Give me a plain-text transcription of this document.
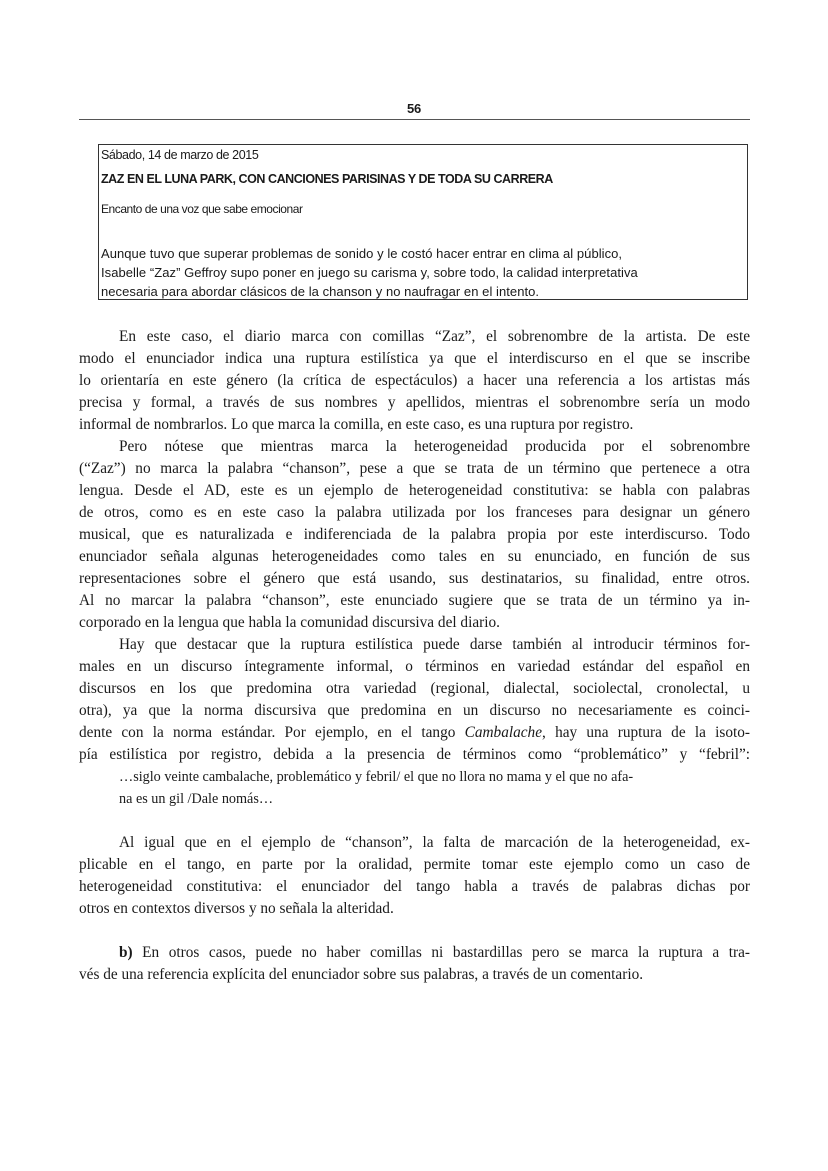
56
Sábado, 14 de marzo de 2015
ZAZ EN EL LUNA PARK, CON CANCIONES PARISINAS Y DE TODA SU CARRERA
Encanto de una voz que sabe emocionar
Aunque tuvo que superar problemas de sonido y le costó hacer entrar en clima al público,
Isabelle “Zaz” Geffroy supo poner en juego su carisma y, sobre todo, la calidad interpretativa
necesaria para abordar clásicos de la chanson y no naufragar en el intento.
En este caso, el diario marca con comillas “Zaz”, el sobrenombre de la artista. De este
modo el enunciador indica una ruptura estilística ya que el interdiscurso en el que se inscribe
lo orientaría en este género (la crítica de espectáculos) a hacer una referencia a los artistas más
precisa y formal, a través de sus nombres y apellidos, mientras el sobrenombre sería un modo
informal de nombrarlos. Lo que marca la comilla, en este caso, es una ruptura por registro.
Pero nótese que mientras marca la heterogeneidad producida por el sobrenombre
(“Zaz”) no marca la palabra “chanson”, pese a que se trata de un término que pertenece a otra
lengua. Desde el AD, este es un ejemplo de heterogeneidad constitutiva: se habla con palabras
de otros, como es en este caso la palabra utilizada por los franceses para designar un género
musical, que es naturalizada e indiferenciada de la palabra propia por este interdiscurso. Todo
enunciador señala algunas heterogeneidades como tales en su enunciado, en función de sus
representaciones sobre el género que está usando, sus destinatarios, su finalidad, entre otros.
Al no marcar la palabra “chanson”, este enunciado sugiere que se trata de un término ya in-
corporado en la lengua que habla la comunidad discursiva del diario.
Hay que destacar que la ruptura estilística puede darse también al introducir términos for-
males en un discurso íntegramente informal, o términos en variedad estándar del español en
discursos en los que predomina otra variedad (regional, dialectal, sociolectal, cronolectal, u
otra), ya que la norma discursiva que predomina en un discurso no necesariamente es coinci-
dente con la norma estándar. Por ejemplo, en el tango Cambalache, hay una ruptura de la isoto-
pía estilística por registro, debida a la presencia de términos como “problemático” y “febril”:
…siglo veinte cambalache, problemático y febril/ el que no llora no mama y el que no afa-
na es un gil /Dale nomás…
Al igual que en el ejemplo de “chanson”, la falta de marcación de la heterogeneidad, ex-
plicable en el tango, en parte por la oralidad, permite tomar este ejemplo como un caso de
heterogeneidad constitutiva: el enunciador del tango habla a través de palabras dichas por
otros en contextos diversos y no señala la alteridad.
b) En otros casos, puede no haber comillas ni bastardillas pero se marca la ruptura a tra-
vés de una referencia explícita del enunciador sobre sus palabras, a través de un comentario.
